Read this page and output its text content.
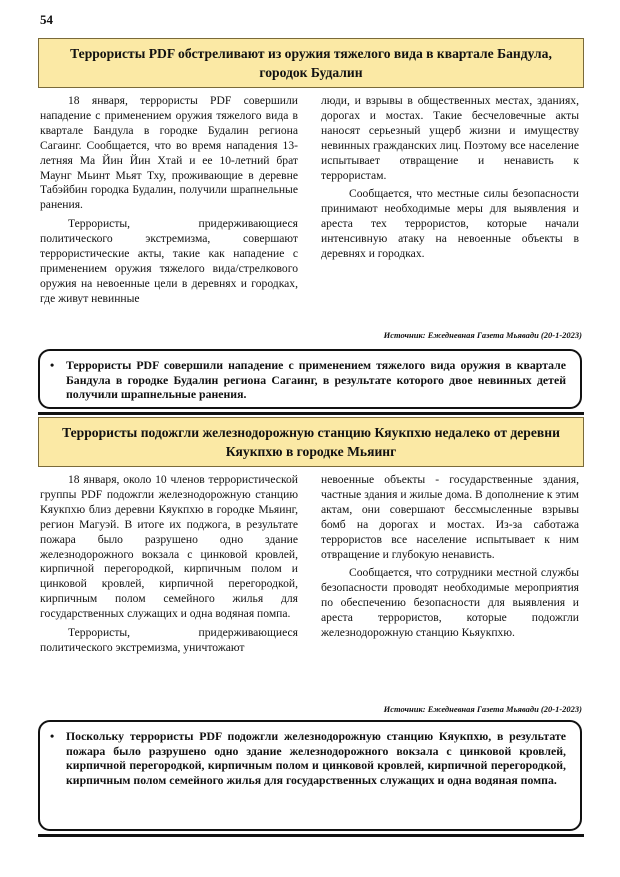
54
Террористы PDF обстреливают из оружия тяжелого вида в квартале Бандула, городок Будалин

18 января, террористы PDF совершили нападение с применением оружия тяжелого вида в квартале Бандула в городке Будалин региона Сагаинг. Сообщается, что во время нападения 13-летняя Ма Йин Йин Хтай и ее 10-летний брат Маунг Мьинт Мьят Тху, проживающие в деревне Табэйбин городка Будалин, получили шрапнельные ранения.

Террористы, придерживающиеся политического экстремизма, совершают террористические акты, такие как нападение с применением оружия тяжелого вида/стрелкового оружия на невоенные цели в деревнях и городках, где живут невинные

люди, и взрывы в общественных местах, зданиях, дорогах и мостах. Такие бесчеловечные акты наносят серьезный ущерб жизни и имуществу невинных гражданских лиц. Поэтому все население испытывает отвращение и ненависть к террористам.

Сообщается, что местные силы безопасности принимают необходимые меры для выявления и ареста тех террористов, которые начали интенсивную атаку на невоенные объекты в деревнях и городках.

Источник: Ежедневная Газета Мьявади (20-1-2023)
• Террористы PDF совершили нападение с применением тяжелого вида оружия в квартале Бандула в городке Будалин региона Сагаинг, в результате которого двое невинных детей получили шрапнельные ранения.
Террористы подожгли железнодорожную станцию Кяукпхю недалеко от деревни Кяукпхю в городке Мьяинг

18 января, около 10 членов террористической группы PDF подожгли железнодорожную станцию Кяукпхю близ деревни Кяукпхю в городке Мьяинг, регион Магуэй. В итоге их поджога, в результате пожара было разрушено одно здание железнодорожного вокзала с цинковой кровлей, кирпичной перегородкой, кирпичным полом и цинковой кровлей, кирпичной перегородкой, кирпичным полом семейного жилья для государственных служащих и одна водяная помпа.

Террористы, придерживающиеся политического экстремизма, уничтожают

невоенные объекты - государственные здания, частные здания и жилые дома. В дополнение к этим актам, они совершают бессмысленные взрывы бомб на дорогах и мостах. Из-за саботажа террористов все население испытывает к ним отвращение и глубокую ненависть.

Сообщается, что сотрудники местной службы безопасности проводят необходимые мероприятия по обеспечению безопасности для выявления и ареста террористов, которые подожгли железнодорожную станцию Кьяукпхю.

Источник: Ежедневная Газета Мьявади (20-1-2023)
• Поскольку террористы PDF подожгли железнодорожную станцию Кяукпхю, в результате пожара было разрушено одно здание железнодорожного вокзала с цинковой кровлей, кирпичной перегородкой, кирпичным полом и цинковой кровлей, кирпичной перегородкой, кирпичным полом семейного жилья для государственных служащих и одна водяная помпа.
